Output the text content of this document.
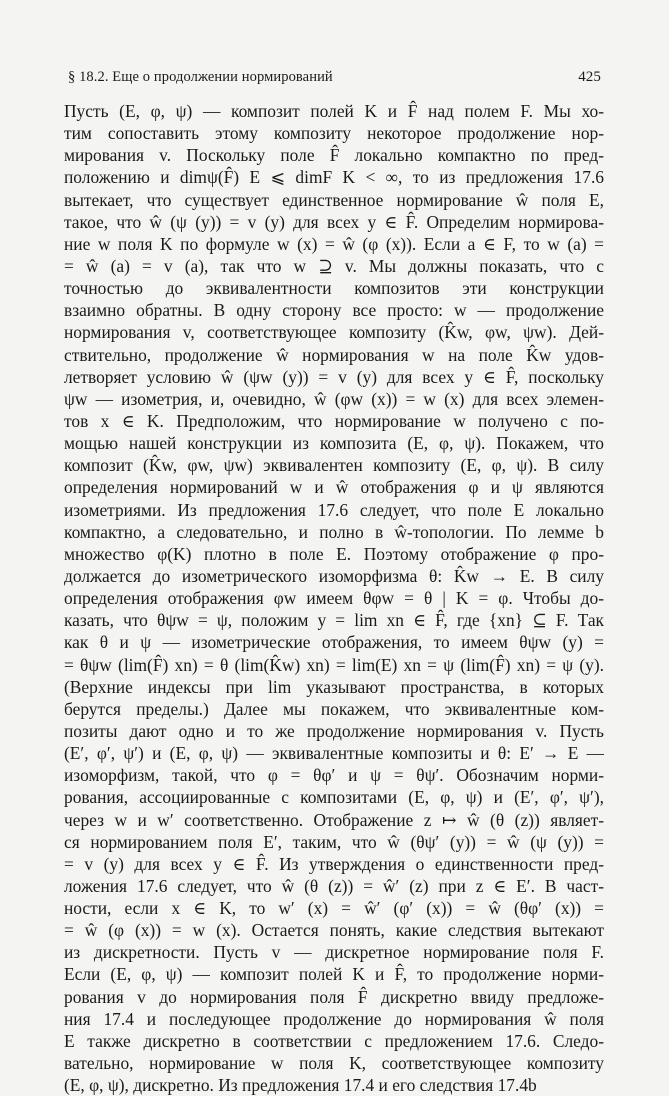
§ 18.2. Еще о продолжении нормирований	425
Пусть (E, φ, ψ) — композит полей K и F̂ над полем F. Мы хо-
тим сопоставить этому композиту некоторое продолжение нор-
мирования v. Поскольку поле F̂ локально компактно по пред-
положению и dimψ(F̂) E ⩽ dimF K < ∞, то из предложения 17.6
вытекает, что существует единственное нормирование ŵ поля E,
такое, что ŵ (ψ (y)) = v (y) для всех y ∈ F̂. Определим нормирова-
ние w поля K по формуле w (x) = ŵ (φ (x)). Если a ∈ F, то w (a) =
= ŵ (a) = v (a), так что w ⊇ v. Мы должны показать, что с
точностью до эквивалентности композитов эти конструкции
взаимно обратны. В одну сторону все просто: w — продолжение
нормирования v, соответствующее композиту (K̂w, φw, ψw). Дей-
ствительно, продолжение ŵ нормирования w на поле K̂w удов-
летворяет условию ŵ (ψw (y)) = v (y) для всех y ∈ F̂, поскольку
ψw — изометрия, и, очевидно, ŵ (φw (x)) = w (x) для всех элемен-
тов x ∈ K. Предположим, что нормирование w получено с по-
мощью нашей конструкции из композита (E, φ, ψ). Покажем, что
композит (K̂w, φw, ψw) эквивалентен композиту (E, φ, ψ). В силу
определения нормирований w и ŵ отображения φ и ψ являются
изометриями. Из предложения 17.6 следует, что поле E локально
компактно, а следовательно, и полно в ŵ-топологии. По лемме b
множество φ(K) плотно в поле E. Поэтому отображение φ про-
должается до изометрического изоморфизма θ: K̂w → E. В силу
определения отображения φw имеем θφw = θ | K = φ. Чтобы до-
казать, что θψw = ψ, положим y = lim xn ∈ F̂, где {xn} ⊆ F. Так
как θ и ψ — изометрические отображения, то имеем θψw (y) =
= θψw (lim(F̂) xn) = θ (lim(K̂w) xn) = lim(E) xn = ψ (lim(F̂) xn) = ψ (y).
(Верхние индексы при lim указывают пространства, в которых
берутся пределы.) Далее мы покажем, что эквивалентные ком-
позиты дают одно и то же продолжение нормирования v. Пусть
(E′, φ′, ψ′) и (E, φ, ψ) — эквивалентные композиты и θ: E′ → E —
изоморфизм, такой, что φ = θφ′ и ψ = θψ′. Обозначим норми-
рования, ассоциированные с композитами (E, φ, ψ) и (E′, φ′, ψ′),
через w и w′ соответственно. Отображение z ↦ ŵ (θ (z)) являет-
ся нормированием поля E′, таким, что ŵ (θψ′ (y)) = ŵ (ψ (y)) =
= v (y) для всех y ∈ F̂. Из утверждения о единственности пред-
ложения 17.6 следует, что ŵ (θ (z)) = ŵ′ (z) при z ∈ E′. В част-
ности, если x ∈ K, то w′ (x) = ŵ′ (φ′ (x)) = ŵ (θφ′ (x)) =
= ŵ (φ (x)) = w (x). Остается понять, какие следствия вытекают
из дискретности. Пусть v — дискретное нормирование поля F.
Если (E, φ, ψ) — композит полей K и F̂, то продолжение норми-
рования v до нормирования поля F̂ дискретно ввиду предложе-
ния 17.4 и последующее продолжение до нормирования ŵ поля
E также дискретно в соответствии с предложением 17.6. Следо-
вательно, нормирование w поля K, соответствующее композиту
(E, φ, ψ), дискретно. Из предложения 17.4 и его следствия 17.4b
